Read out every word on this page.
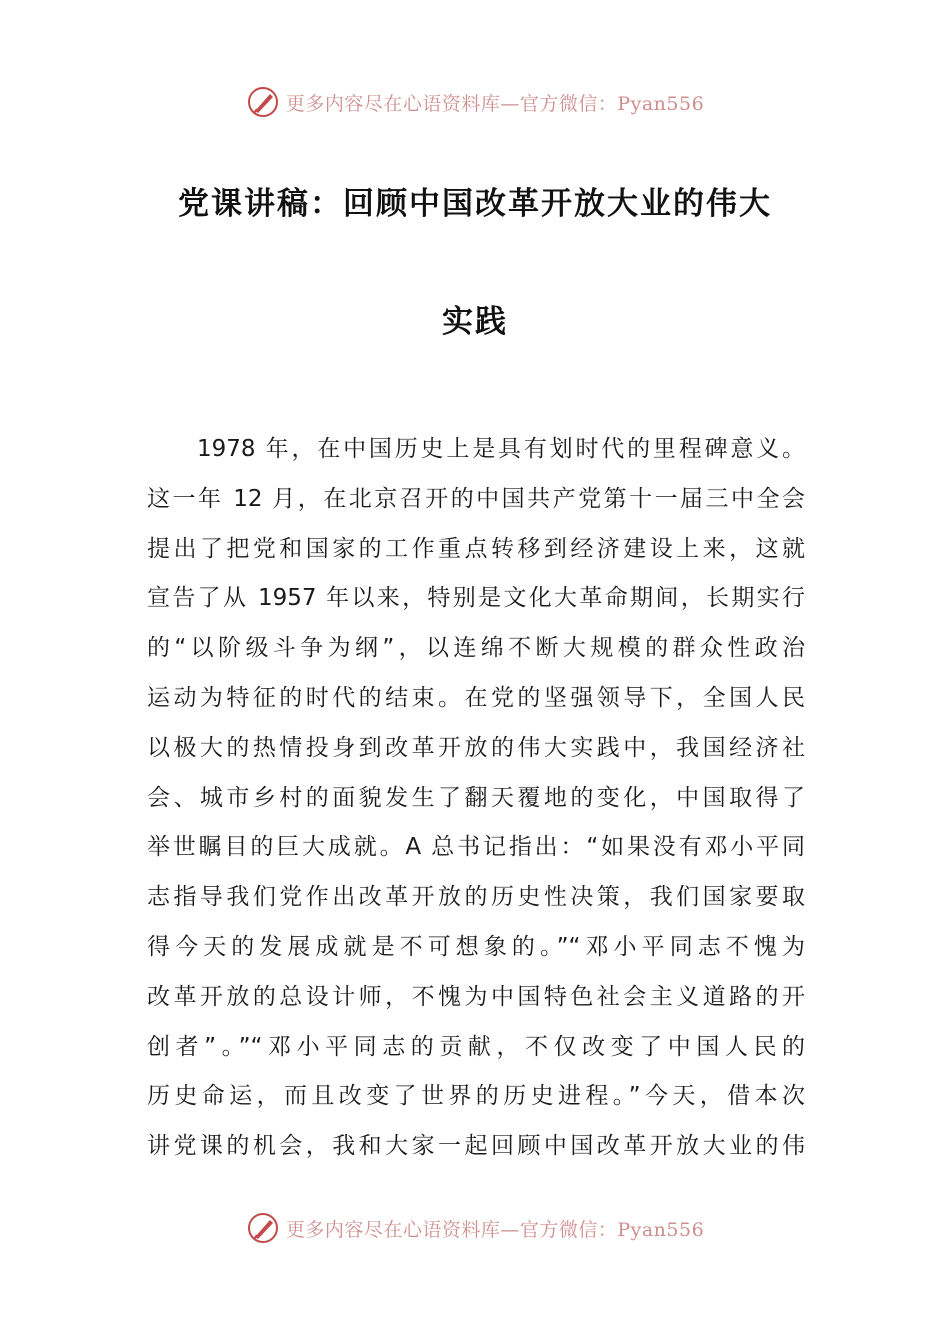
更多内容尽在心语资料库—官方微信：Pyan556
党课讲稿：回顾中国改革开放大业的伟大
实践
1978 年，在中国历史上是具有划时代的里程碑意义。
这一年 12 月，在北京召开的中国共产党第十一届三中全会
提出了把党和国家的工作重点转移到经济建设上来，这就
宣告了从 1957 年以来，特别是文化大革命期间，长期实行
的“以阶级斗争为纲”，以连绵不断大规模的群众性政治
运动为特征的时代的结束。在党的坚强领导下，全国人民
以极大的热情投身到改革开放的伟大实践中，我国经济社
会、城市乡村的面貌发生了翻天覆地的变化，中国取得了
举世瞩目的巨大成就。A 总书记指出：“如果没有邓小平同
志指导我们党作出改革开放的历史性决策，我们国家要取
得今天的发展成就是不可想象的。”“邓小平同志不愧为
改革开放的总设计师，不愧为中国特色社会主义道路的开
创者”。”“邓小平同志的贡献，不仅改变了中国人民的
历史命运，而且改变了世界的历史进程。”今天，借本次
讲党课的机会，我和大家一起回顾中国改革开放大业的伟
更多内容尽在心语资料库—官方微信：Pyan556
